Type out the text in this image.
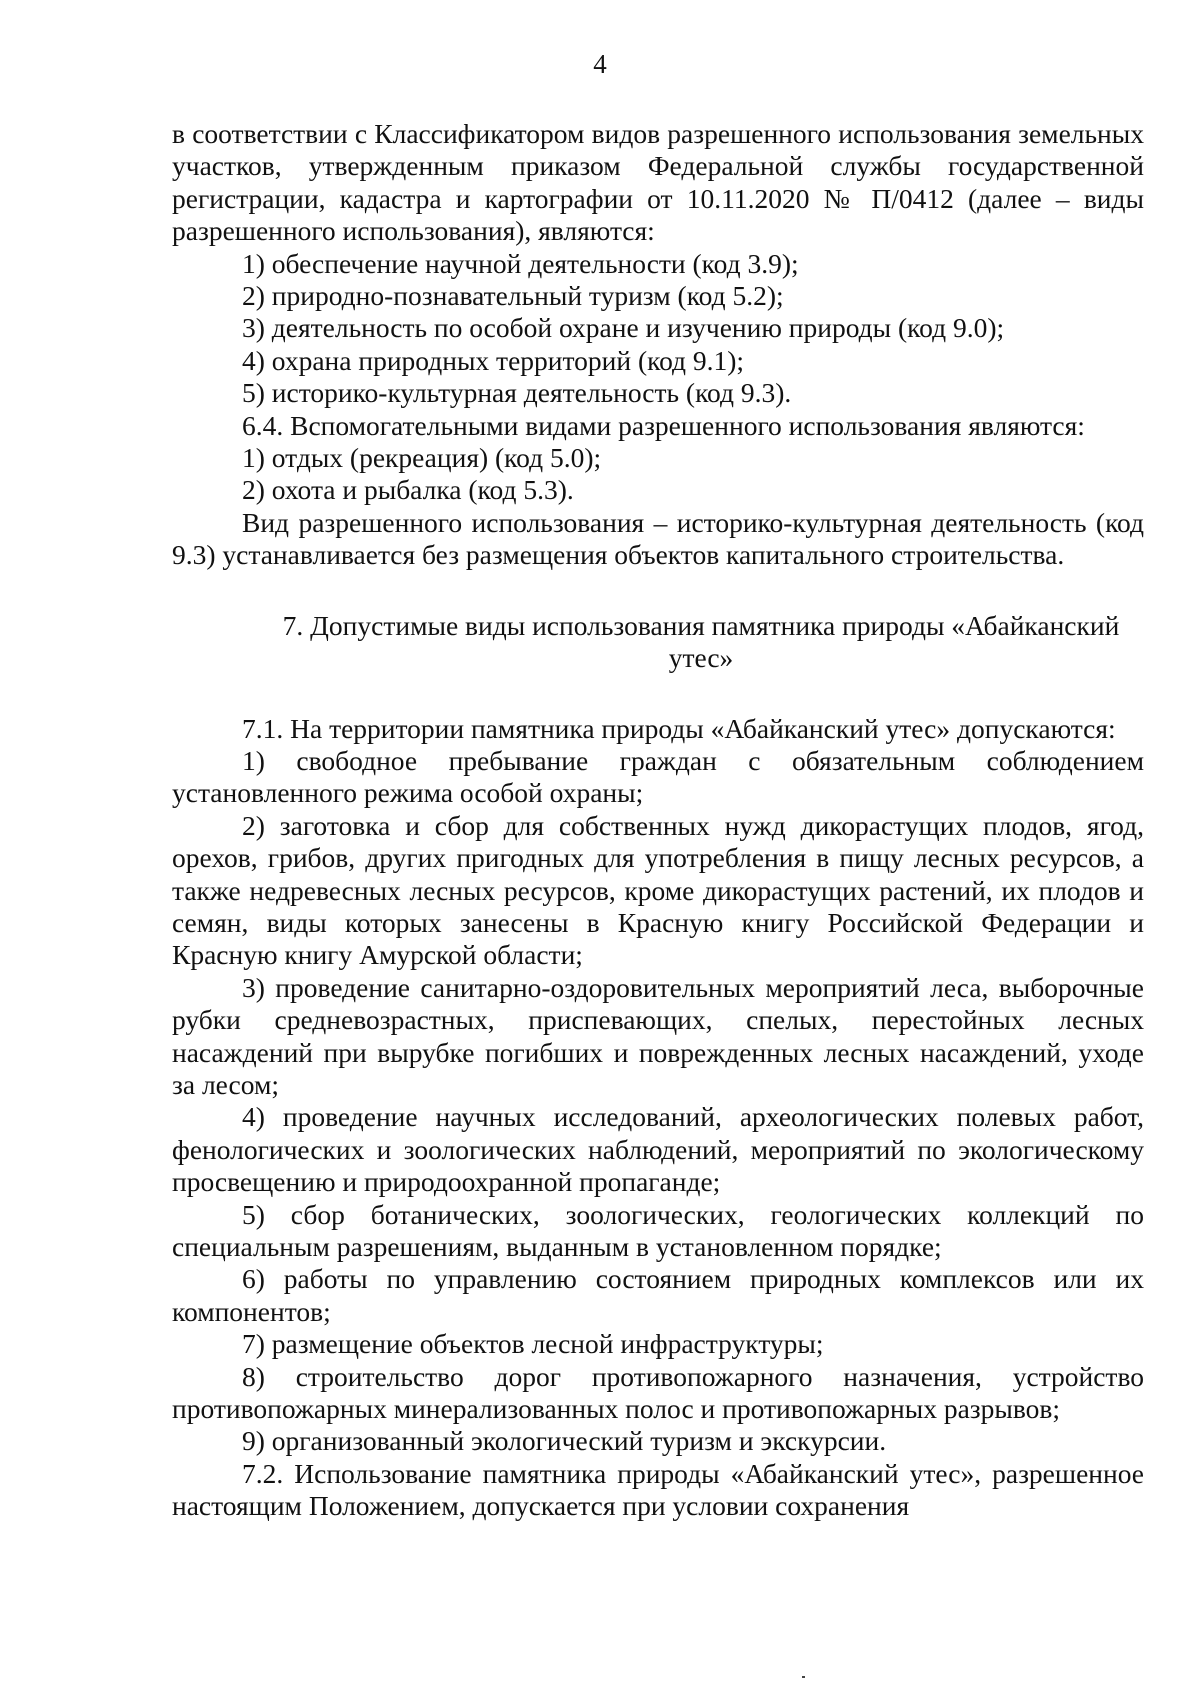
4

в соответствии с Классификатором видов разрешенного использования земельных участков, утвержденным приказом Федеральной службы государственной регистрации, кадастра и картографии от 10.11.2020 № П/0412 (далее – виды разрешенного использования), являются:

1) обеспечение научной деятельности (код 3.9);

2) природно-познавательный туризм (код 5.2);

3) деятельность по особой охране и изучению природы (код 9.0);

4) охрана природных территорий (код 9.1);

5) историко-культурная деятельность (код 9.3).

6.4. Вспомогательными видами разрешенного использования являются:

1) отдых (рекреация) (код 5.0);

2) охота и рыбалка (код 5.3).

Вид разрешенного использования – историко-культурная деятельность (код 9.3) устанавливается без размещения объектов капитального строительства.

7. Допустимые виды использования памятника природы «Абайканский утес»

7.1. На территории памятника природы «Абайканский утес» допускаются:

1) свободное пребывание граждан с обязательным соблюдением установленного режима особой охраны;

2) заготовка и сбор для собственных нужд дикорастущих плодов, ягод, орехов, грибов, других пригодных для употребления в пищу лесных ресурсов, а также недревесных лесных ресурсов, кроме дикорастущих растений, их плодов и семян, виды которых занесены в Красную книгу Российской Федерации и Красную книгу Амурской области;

3) проведение санитарно-оздоровительных мероприятий леса, выборочные рубки средневозрастных, приспевающих, спелых, перестойных лесных насаждений при вырубке погибших и поврежденных лесных насаждений, уходе за лесом;

4) проведение научных исследований, археологических полевых работ, фенологических и зоологических наблюдений, мероприятий по экологическому просвещению и природоохранной пропаганде;

5) сбор ботанических, зоологических, геологических коллекций по специальным разрешениям, выданным в установленном порядке;

6) работы по управлению состоянием природных комплексов или их компонентов;

7) размещение объектов лесной инфраструктуры;

8) строительство дорог противопожарного назначения, устройство противопожарных минерализованных полос и противопожарных разрывов;

9) организованный экологический туризм и экскурсии.

7.2. Использование памятника природы «Абайканский утес», разрешенное настоящим Положением, допускается при условии сохранения
